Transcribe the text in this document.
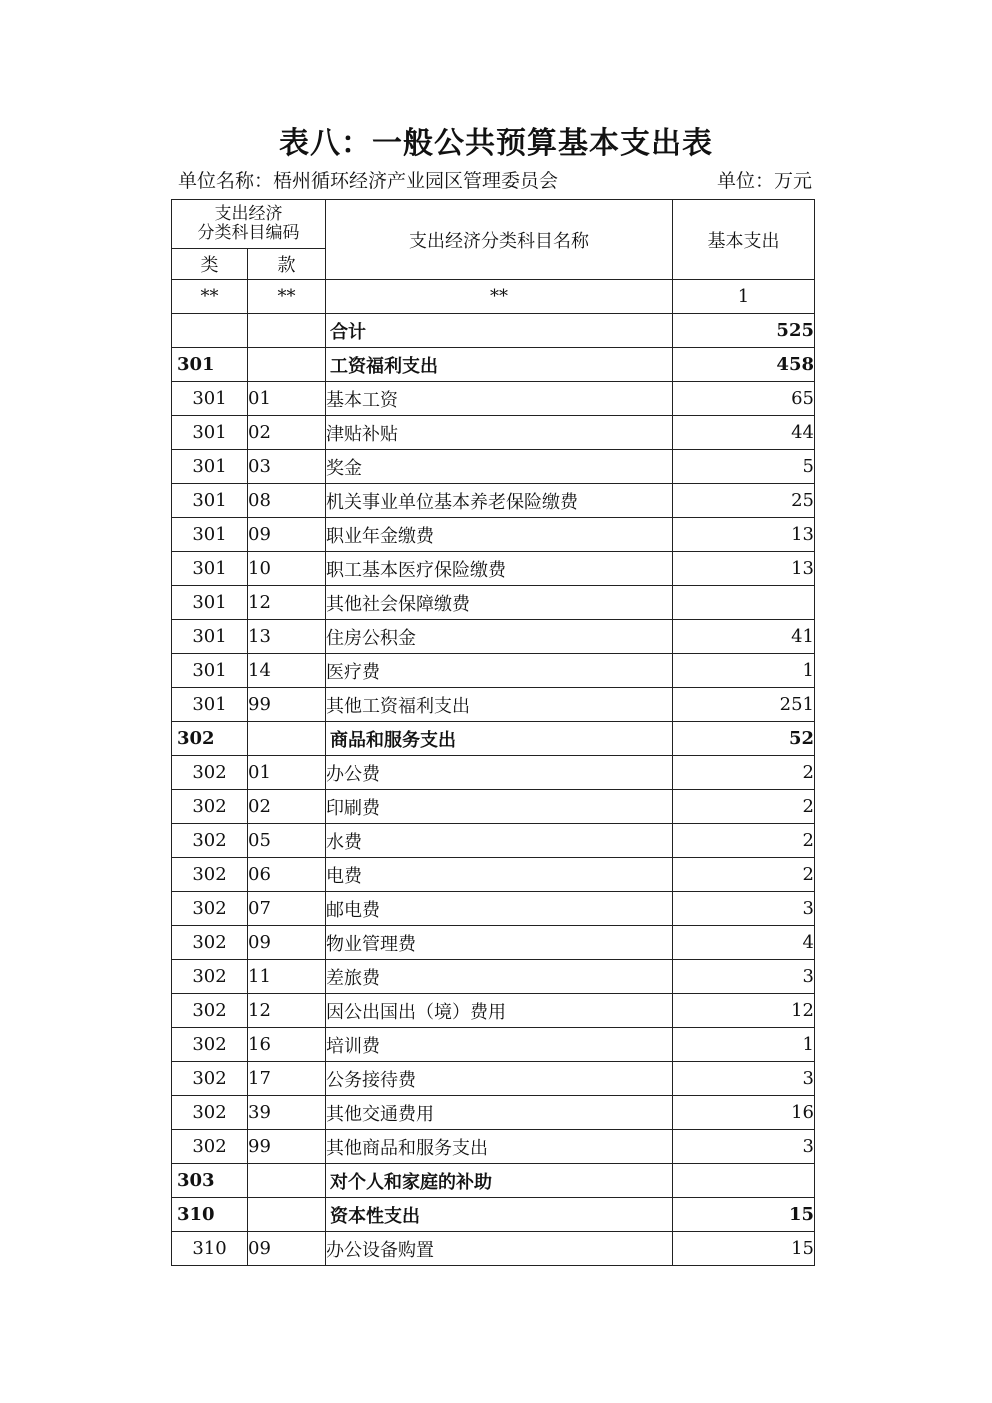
表八：一般公共预算基本支出表
单位名称：梧州循环经济产业园区管理委员会	单位：万元
支出经济
分类科目编码		支出经济分类科目名称	基本支出
类	款		
**	**	**	1
		合计	525
301		工资福利支出	458
301	01	基本工资	65
301	02	津贴补贴	44
301	03	奖金	5
301	08	机关事业单位基本养老保险缴费	25
301	09	职业年金缴费	13
301	10	职工基本医疗保险缴费	13
301	12	其他社会保障缴费	
301	13	住房公积金	41
301	14	医疗费	1
301	99	其他工资福利支出	251
302		商品和服务支出	52
302	01	办公费	2
302	02	印刷费	2
302	05	水费	2
302	06	电费	2
302	07	邮电费	3
302	09	物业管理费	4
302	11	差旅费	3
302	12	因公出国出（境）费用	12
302	16	培训费	1
302	17	公务接待费	3
302	39	其他交通费用	16
302	99	其他商品和服务支出	3
303		对个人和家庭的补助	
310		资本性支出	15
310	09	办公设备购置	15
